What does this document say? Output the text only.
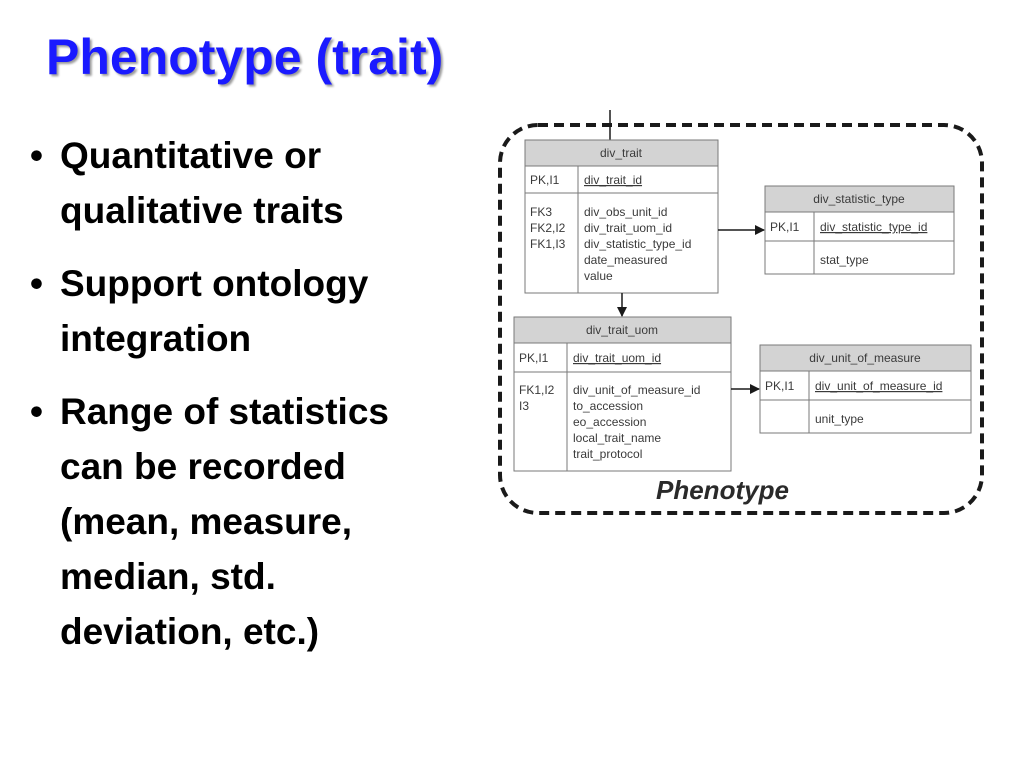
Phenotype (trait)
• Quantitative or
qualitative traits
• Support ontology
integration
• Range of statistics
can be recorded
(mean, measure,
median, std.
deviation, etc.)
div_trait
PK,I1 div_trait_id
FK3
FK2,I2
FK1,I3
div_obs_unit_id
div_trait_uom_id
div_statistic_type_id
date_measured
value
div_statistic_type
PK,I1 div_statistic_type_id
stat_type
div_trait_uom
PK,I1 div_trait_uom_id
FK1,I2
I3
div_unit_of_measure_id
to_accession
eo_accession
local_trait_name
trait_protocol
div_unit_of_measure
PK,I1 div_unit_of_measure_id
unit_type
Phenotype
